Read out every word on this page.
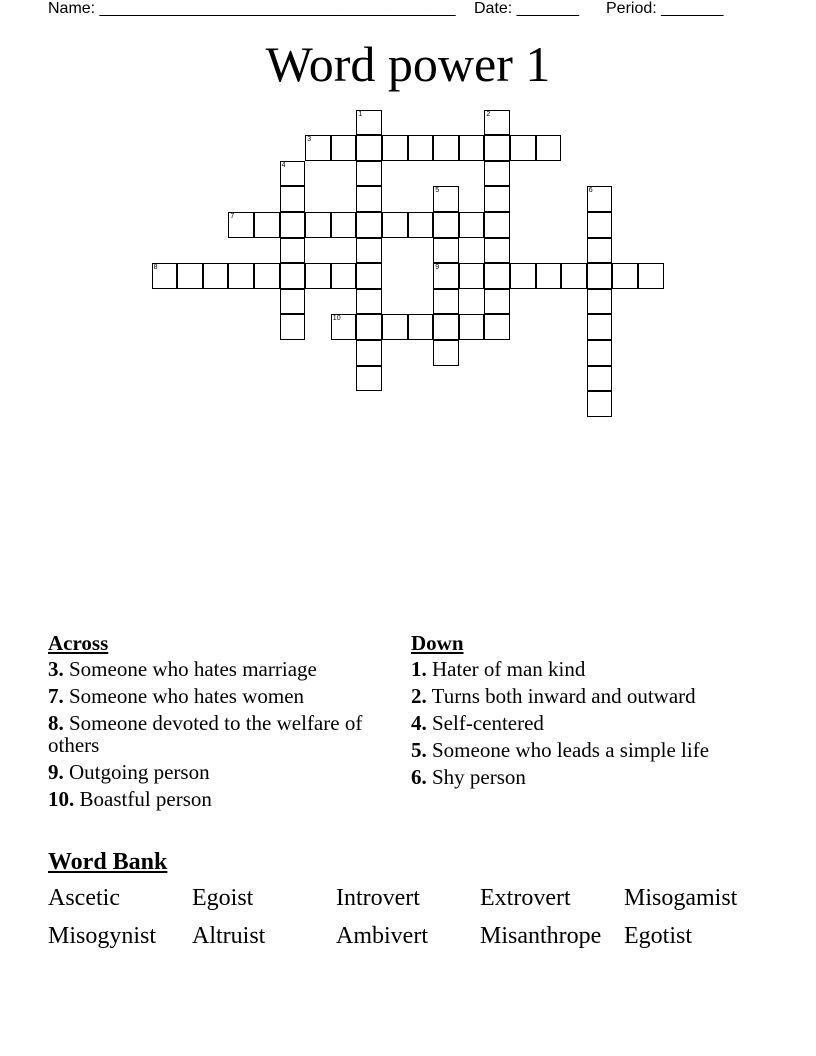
Name: ________________________________________ Date: _______ Period: _______
Word power 1
3
7
8	9
10
1	2
4
5	6
Across
3. Someone who hates marriage
7. Someone who hates women
8. Someone devoted to the welfare of others
9. Outgoing person
10. Boastful person
Down
1. Hater of man kind
2. Turns both inward and outward
4. Self-centered
5. Someone who leads a simple life
6. Shy person
Word Bank
Ascetic	Egoist	Introvert	Extrovert	Misogamist
Misogynist	Altruist	Ambivert	Misanthrope Egotist
